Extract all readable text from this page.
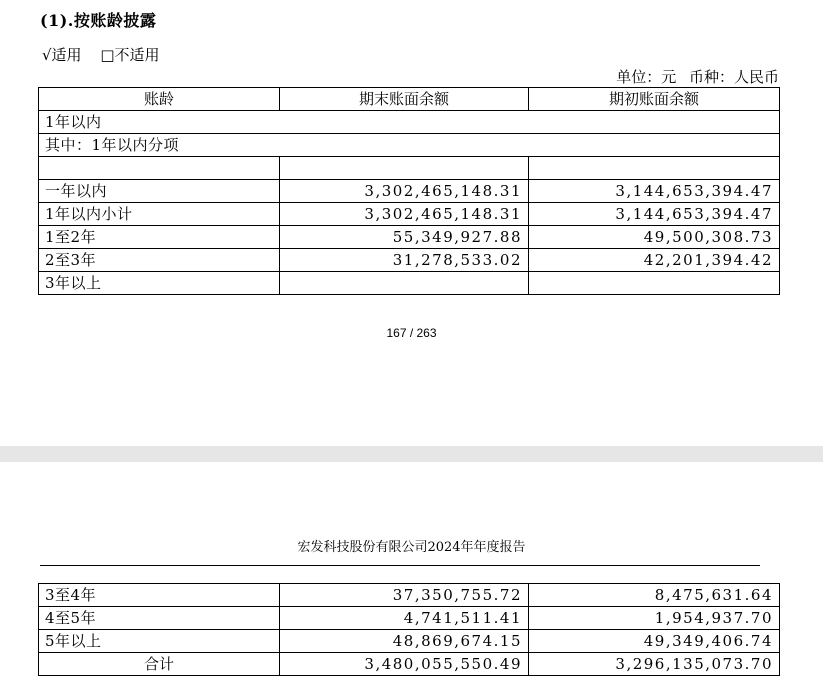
(1).按账龄披露
√适用 □不适用
单位：元 币种：人民币
账龄	期末账面余额	期初账面余额
1年以内		
其中：1年以内分项		

一年以内	3,302,465,148.31	3,144,653,394.47
1年以内小计	3,302,465,148.31	3,144,653,394.47
1至2年	55,349,927.88	49,500,308.73
2至3年	31,278,533.02	42,201,394.42
3年以上		
167 / 263
宏发科技股份有限公司2024年年度报告
3至4年	37,350,755.72	8,475,631.64
4至5年	4,741,511.41	1,954,937.70
5年以上	48,869,674.15	49,349,406.74
合计	3,480,055,550.49	3,296,135,073.70
